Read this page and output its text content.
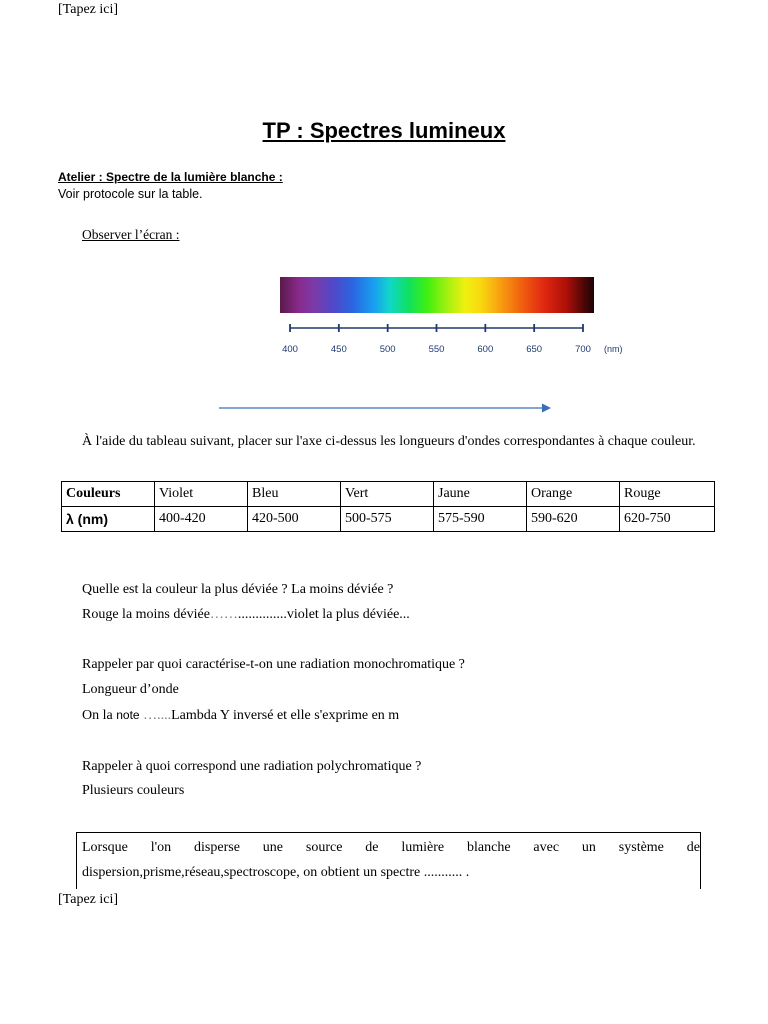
[Tapez ici]
TP : Spectres lumineux
Atelier : Spectre de la lumière blanche :
Voir protocole sur la table.
Observer l’écran :
400	450	500	550	600	650	700 (nm)
À l'aide du tableau suivant, placer sur l'axe ci-dessus les longueurs d'ondes correspondantes à chaque couleur.
Couleurs	Violet	Bleu	Vert	Jaune	Orange	Rouge
λ (nm)	400-420	420-500	500-575	575-590	590-620	620-750
Quelle est la couleur la plus déviée ? La moins déviée ?
Rouge la moins déviée……..............violet la plus déviée...
Rappeler par quoi caractérise-t-on une radiation monochromatique ?
Longueur d’onde
On la note …....Lambda Y inversé et elle s'exprime en m
Rappeler à quoi correspond une radiation polychromatique ?
Plusieurs couleurs
Lorsque l'on disperse une source de lumière blanche avec un système de
dispersion,prisme,réseau,spectroscope, on obtient un spectre ........... .
[Tapez ici]
